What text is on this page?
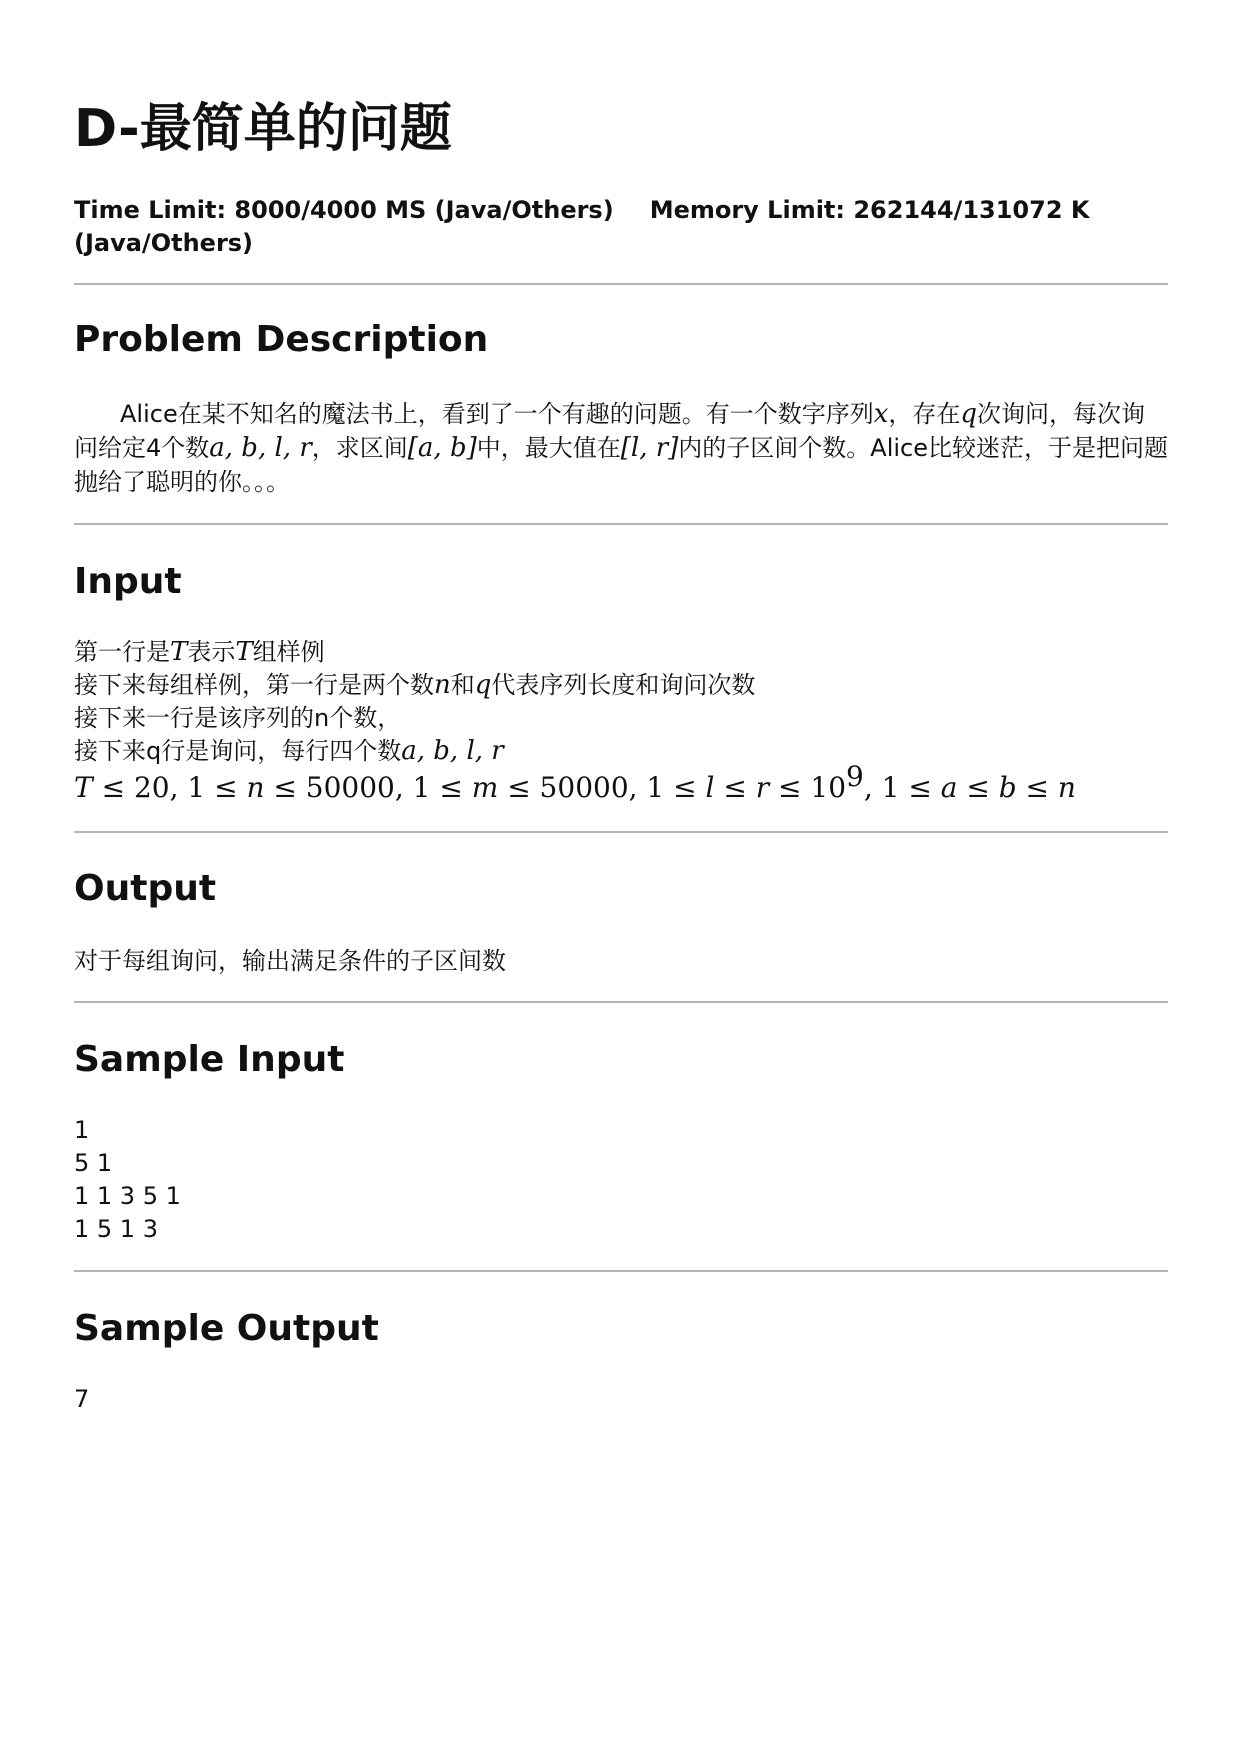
D-最简单的问题
Time Limit: 8000/4000 MS (Java/Others) Memory Limit: 262144/131072 K (Java/Others)
Problem Description
Alice在某不知名的魔法书上，看到了一个有趣的问题。有一个数字序列x，存在q次询问，每次询问给定4个数a, b, l, r，求区间[a, b]中，最大值在[l, r]内的子区间个数。Alice比较迷茫，于是把问题抛给了聪明的你。。。
Input
第一行是T表示T组样例
接下来每组样例，第一行是两个数n和q代表序列长度和询问次数
接下来一行是该序列的n个数，
接下来q行是询问，每行四个数a, b, l, r
T ≤ 20, 1 ≤ n ≤ 50000, 1 ≤ m ≤ 50000, $1 \le l \le r \le 10^9$, 1 ≤ a ≤ b ≤ n
Output
对于每组询问，输出满足条件的子区间数
Sample Input
1
5 1
1 1 3 5 1
1 5 1 3
Sample Output
7
